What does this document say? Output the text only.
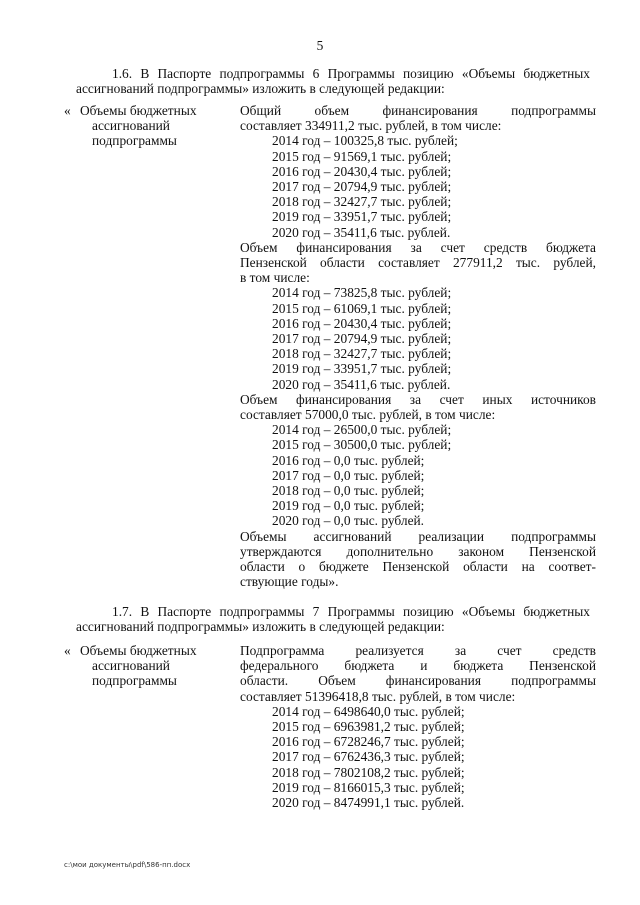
5
1.6. В Паспорте подпрограммы 6 Программы позицию «Объемы бюджетных ассигнований подпрограммы» изложить в следующей редакции:
« Объемы бюджетных
ассигнований
подпрограммы
Общий объем финансирования подпрограммы
составляет 334911,2 тыс. рублей, в том числе:
2014 год – 100325,8 тыс. рублей;
2015 год – 91569,1 тыс. рублей;
2016 год – 20430,4 тыс. рублей;
2017 год – 20794,9 тыс. рублей;
2018 год – 32427,7 тыс. рублей;
2019 год – 33951,7 тыс. рублей;
2020 год – 35411,6 тыс. рублей.
Объем финансирования за счет средств бюджета
Пензенской области составляет 277911,2 тыс. рублей,
в том числе:
2014 год – 73825,8 тыс. рублей;
2015 год – 61069,1 тыс. рублей;
2016 год – 20430,4 тыс. рублей;
2017 год – 20794,9 тыс. рублей;
2018 год – 32427,7 тыс. рублей;
2019 год – 33951,7 тыс. рублей;
2020 год – 35411,6 тыс. рублей.
Объем финансирования за счет иных источников
составляет 57000,0 тыс. рублей, в том числе:
2014 год – 26500,0 тыс. рублей;
2015 год – 30500,0 тыс. рублей;
2016 год – 0,0 тыс. рублей;
2017 год – 0,0 тыс. рублей;
2018 год – 0,0 тыс. рублей;
2019 год – 0,0 тыс. рублей;
2020 год – 0,0 тыс. рублей.
Объемы ассигнований реализации подпрограммы
утверждаются дополнительно законом Пензенской
области о бюджете Пензенской области на соответ-
ствующие годы».
1.7. В Паспорте подпрограммы 7 Программы позицию «Объемы бюджетных ассигнований подпрограммы» изложить в следующей редакции:
« Объемы бюджетных
ассигнований
подпрограммы
Подпрограмма реализуется за счет средств
федерального бюджета и бюджета Пензенской
области. Объем финансирования подпрограммы
составляет 51396418,8 тыс. рублей, в том числе:
2014 год – 6498640,0 тыс. рублей;
2015 год – 6963981,2 тыс. рублей;
2016 год – 6728246,7 тыс. рублей;
2017 год – 6762436,3 тыс. рублей;
2018 год – 7802108,2 тыс. рублей;
2019 год – 8166015,3 тыс. рублей;
2020 год – 8474991,1 тыс. рублей.
c:\мои документы\pdf\586-пп.docx
